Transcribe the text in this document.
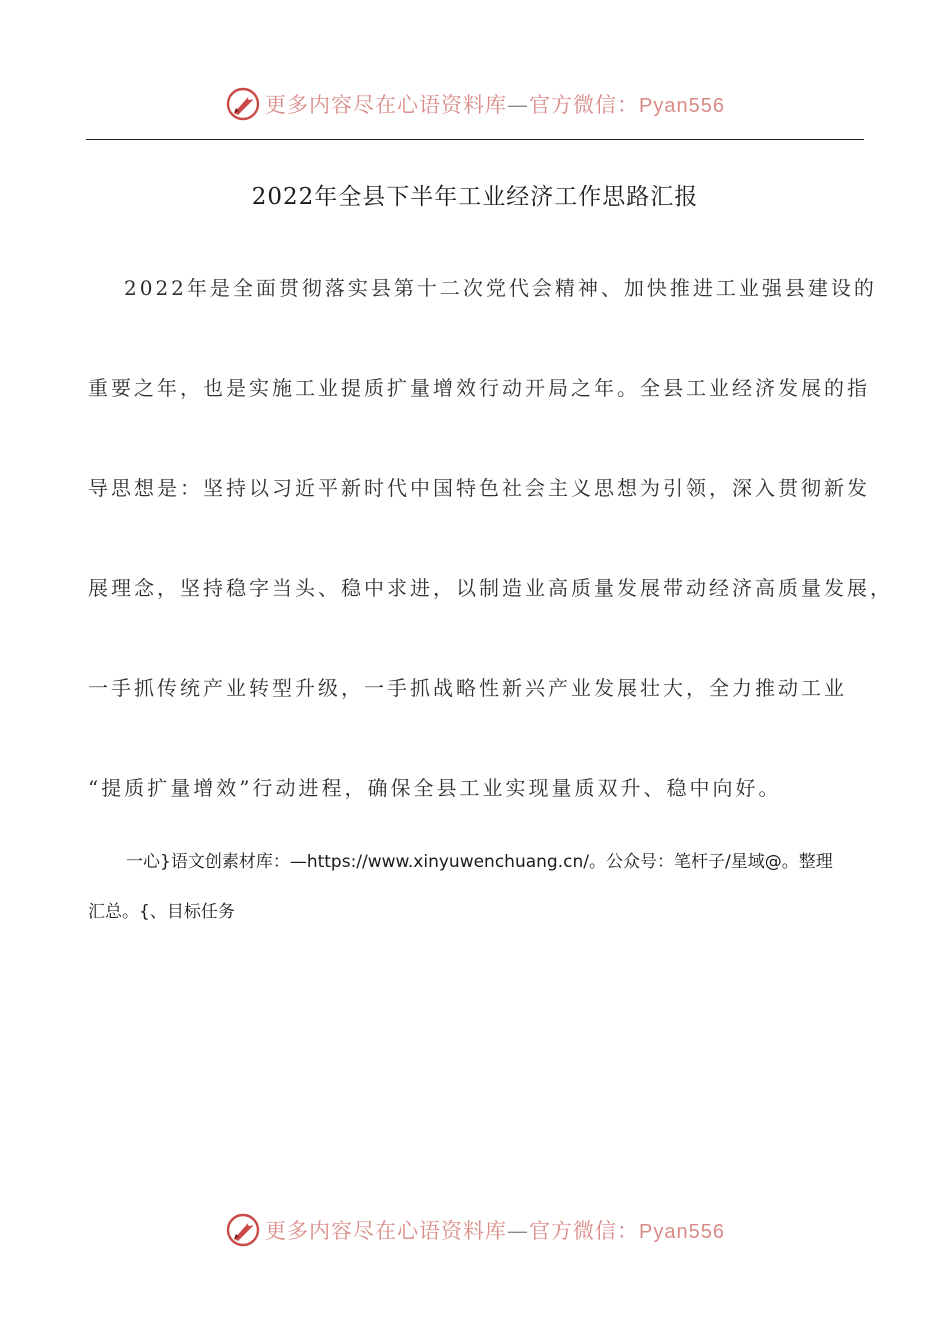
更多内容尽在心语资料库—官方微信：Pyan556
2022年全县下半年工业经济工作思路汇报
2022年是全面贯彻落实县第十二次党代会精神、加快推进工业强县建设的
重要之年，也是实施工业提质扩量增效行动开局之年。全县工业经济发展的指
导思想是：坚持以习近平新时代中国特色社会主义思想为引领，深入贯彻新发
展理念，坚持稳字当头、稳中求进，以制造业高质量发展带动经济高质量发展，
一手抓传统产业转型升级，一手抓战略性新兴产业发展壮大，全力推动工业
“提质扩量增效”行动进程，确保全县工业实现量质双升、稳中向好。
一心}语文创素材库：—https://www.xinyuwenchuang.cn/。公众号：笔杆子/星域@。整理
汇总。{、目标任务
更多内容尽在心语资料库—官方微信：Pyan556
